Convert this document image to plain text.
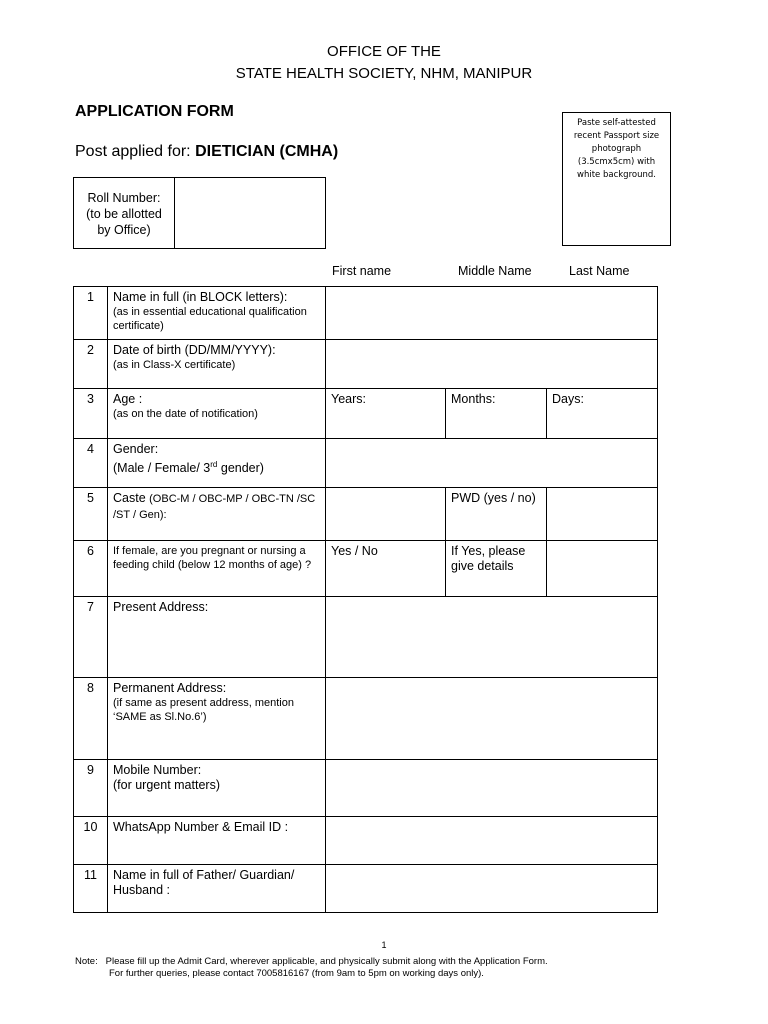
OFFICE OF THE
STATE HEALTH SOCIETY, NHM, MANIPUR
APPLICATION FORM
Post applied for: DIETICIAN (CMHA)
Paste self-attested
recent Passport size
photograph
(3.5cmx5cm) with
white background.
Roll Number:
(to be allotted
by Office)
First name	Middle Name	Last Name
1	Name in full (in BLOCK letters):
(as in essential educational qualification certificate)			

2	Date of birth (DD/MM/YYYY):
(as in Class-X certificate)			

3	Age :
(as on the date of notification)	Years:	Months:	Days:
4	Gender:
(Male / Female/ 3rd gender)			
5	Caste (OBC-M / OBC-MP / OBC-TN /SC /ST / Gen):		PWD (yes / no)	
6	If female, are you pregnant or nursing a feeding child (below 12 months of age) ?	Yes / No	If Yes, please give details	
7	Present Address:			
8	Permanent Address:
(if same as present address, mention ‘SAME as Sl.No.6’)			

9	Mobile Number:
(for urgent matters)			
10	WhatsApp Number & Email ID :			
11	Name in full of Father/ Guardian/ Husband :			
1
Note: Please fill up the Admit Card, wherever applicable, and physically submit along with the Application Form.
For further queries, please contact 7005816167 (from 9am to 5pm on working days only).
